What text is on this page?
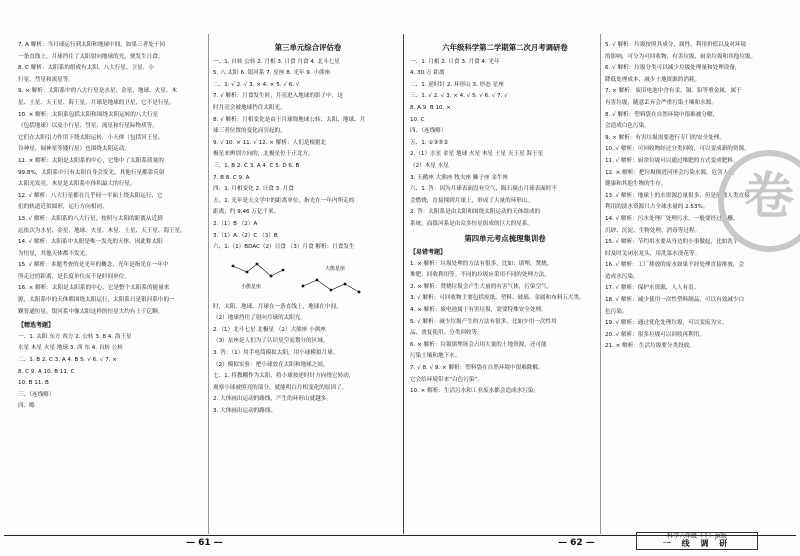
7. A 解析：当月球运行到太阳和地球中间，如果三者处于同

一条直线上，月球挡住了太阳射向地球的光，便发生日食。

8. C 解析：太阳系的组成有太阳、八大行星、卫星、小

行星、彗星和流星等。

9. × 解析：太阳系中的八大行星是水星、金星、地球、火星、木

星、土星、天王星、海王星，月球是地球的卫星，它不是行星。

10. × 解析：太阳系包括太阳和围绕太阳运转的八大行星

（包括地球）以及小行星、彗星、流星和行星际物质等。

它们在太阳引力作用下绕太阳运转，小天体（包括冥王星、

谷神星、阋神星等矮行星）也围绕太阳运动。

11. × 解析：太阳是太阳系的中心，它集中了太阳系质量的

99.8%，太阳系中只有太阳自身会发光，其他行星都靠反射

太阳光发亮。木星是太阳系中体积最大的行星。

12. √ 解析：八大行星都在几乎同一平面上绕太阳运行，它

们的轨道近似圆形，运行方向相同。

13. √ 解析：太阳系的八大行星，按照与太阳的距离从近到

远依次为水星、金星、地球、火星、木星、土星、天王星、海王星。

14. √ 解析：太阳系中太阳是唯一发光的天体，因此称太阳

为恒星，其他天体都不发光。

15. √ 解析：本题考查的是光年的概念，光年是指光在一年中

所走过的距离，是长度单位而不是时间单位。

16. × 解析：太阳是太阳系的中心，它是整个太阳系的能量来

源，太阳系中的天体都围绕太阳运行，太阳系只是银河系中的一

颗普通恒星，银河系中像太阳这样的恒星大约有上千亿颗。

【精选考题】

一、1. 太阳 东方 西方 2. 公转 3. 8 4. 海王星

水星 木星 火星 地球 3. 西 东 4. 自转 公转

二、1. B 2. C 3. A 4. B 5. √ 6. √ 7. ×

8. C 9. A 10. B 11. C

10. B 11. B

三、（连线略）

四、略

第三单元综合评估卷

一、1. 自转 公转 2. 月相 3. 日食 月食 4. 北斗七星

5. 八 太阳 6. 银河系 7. 星座 8. 光年 9. 小熊座

二、1. √ 2. √ 3. × 4. × 5. √ 6. √

7. √ 解析：月食发生时，月亮进入地球的影子中，这

时月亮会被地球挡住太阳光。

8. √ 解析：月相变化是由于月球绕地球公转，太阳、地球、月

球三者位置的变化而引起的。

9. √ 10. × 11. √ 12. × 解析：人们是根据北

极星来辨别方向的，北极星位于正北方。

三、1. B 2. C 3. A 4. C 5. D 6. B

7. B 8. C 9. A

四、1. 月相变化 2. 日食 3. 月食

五、1. 光年是天文学中的距离单位，指光在一年内所走的

距离，约 9.46 万亿千米。

2.（1）B （2）A

3.（1）A （2）C （3）B

六、1.（1）BDAC（2）日食 （3）月食 解析：月食发生

小熊星座
大熊星座

时，太阳、地球、月球在一条直线上，地球在中间。

（2）地球挡住了射向月球的太阳光。

2.（1）北斗七星 北极星 （2）大熊座 小熊座

（3）星座是人们为了认识星空而划分的区域。

3. 答：（1）用手电筒模拟太阳，用小球模拟月球。

（2）模拟实验：把小球放在太阳和地球之间。

七、1. 将教棚作为太阳，将小球按逆时针方向绕它转动，

观察小球被照亮的部分，就能明白月相变化的原因了。

2. 大体画出运动的路线，产生的环形山就越多。

3. 大体画出运动的路线。

六年级科学第二学期第二次月考调研卷

一、1. 月相 2. 日食 3. 月食 4. 光年

4. 30 万 距离

二、1. 逆时针 2. 环形山 3. 形态 星座

三、1. √ 2. √ 3. × 4. √ 5. √ 6. √ 7. √

8. A 9. B 10. ×

10. C

四、（连线略）

五、1. ①③⑤②

2.（1）水星 金星 地球 火星 木星 土星 天王星 海王星

（2）木星 水星

3. 天鹅座 大熊座 牧夫座 狮子座 金牛座

六、1. 答：因为月球表面没有空气，陨石撞击月球表面时不

会燃烧，直接撞到月球上，形成了大量的环形山。

2. 答：太阳系是由太阳和围绕太阳运动的天体组成的

系统，而银河系是由众多恒星组成的巨大的星系。

第四单元考点梳理集训卷

【易错考题】

1. × 解析：垃圾处理的方法有很多，比如：填埋、焚烧、

堆肥、回收利用等。不同的垃圾应采用不同的处理方法。

2. × 解析：焚烧垃圾会产生大量的有害气体，污染空气。

3. √ 解析：可回收物主要包括废纸、塑料、玻璃、金属和布料五大类。

4. × 解析：废电池属于有害垃圾，需要特殊安全处理。

5. √ 解析：减少垃圾产生的方法有很多，比如少用一次性用

品、重复使用、分类回收等。

6. × 解析：垃圾填埋场会占用大量的土地资源，还可能

污染土壤和地下水。

7. √ 8. √ 9. × 解析：塑料袋在自然环境中很难降解，

它会给环境带来“白色污染”。

10. × 解析：生活污水和工业废水都会造成水污染。

5. √ 解析：垃圾按照其成分、属性、利用价值以及对环境

的影响，可分为可回收物、有害垃圾、厨余垃圾和其他垃圾。

6. √ 解析：垃圾分类可以减少垃圾处理量和处理设备，

降低处理成本，减少土地资源的消耗。

7. × 解析：废旧电池中含有汞、镉、铅等重金属，属于

有害垃圾，随意丢弃会严重污染土壤和水源。

8. √ 解析：塑料袋在自然环境中很难被分解，

会造成白色污染。

9. × 解析：有害垃圾需要进行专门的安全处理。

10. √ 解析：可回收物经过分类回收，可以变成新的资源。

11. √ 解析：厨余垃圾可以通过堆肥的方式变成肥料。

12. × 解析：把垃圾倒进河里会污染水源，危害人类

健康和其他生物的生存。

13. √ 解析：地球上的水资源总量很多，但是能被人类直接

利用的淡水资源只占全球水量的 2.53%。

14. √ 解析：污水处理厂处理污水，一般要经过格栅、

沉砂、沉淀、生物处理、消毒等过程。

15. √ 解析：节约用水要从身边的小事做起，比如洗手

时及时关闭水龙头，用洗菜水浇花等。

16. √ 解析：工厂排放的废水如果不经处理直接排放，会

造成水污染。

17. √ 解析：保护水资源，人人有责。

18. √ 解析：减少使用一次性塑料制品，可以有效减少白

色污染。

19. √ 解析：通过优化处理垃圾，可以变废为宝。

20. √ 解析：很多垃圾可以回收再利用。

21. × 解析：生活垃圾要分类投放。

— 61 —	— 62 —
科学六年级（下）JK版
一 线 调 研
卷
